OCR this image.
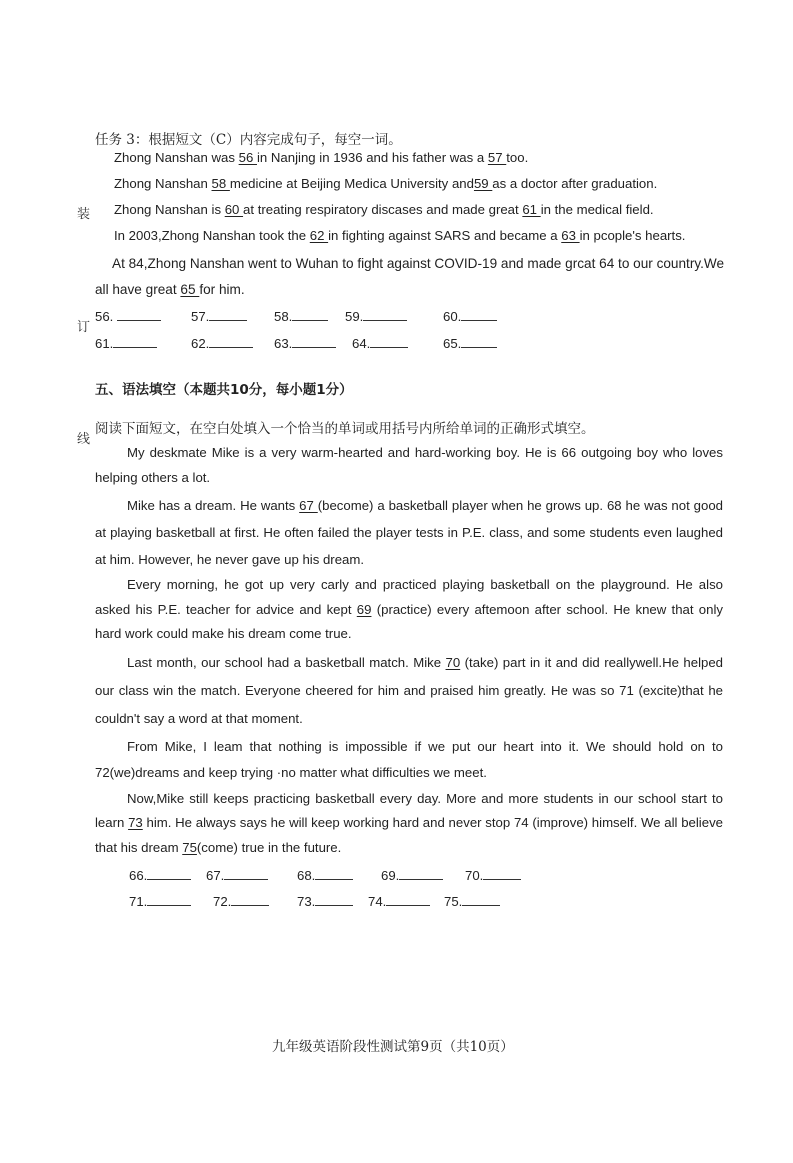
任务 3：根据短文（C）内容完成句子，每空一词。
Zhong Nanshan was 56 in Nanjing in 1936 and his father was a 57 too.
Zhong Nanshan 58 medicine at Beijing Medica University and59 as a doctor after graduation.
Zhong Nanshan is 60 at treating respiratory discases and made great 61 in the medical field.
In 2003,Zhong Nanshan took the 62 in fighting against SARS and became a 63 in pcople's hearts.
At 84,Zhong Nanshan went to Wuhan to fight against COVID-19 and made grcat 64 to our country.We
all have great 65 for him.
56.	57.	58.	59.	60.
61.	62.	63.	64.	65.
装
订
线
五、语法填空（本题共10分，每小题1分）
阅读下面短文，在空白处填入一个恰当的单词或用括号内所给单词的正确形式填空。

My deskmate Mike is a very warm-hearted and hard-working boy. He is 66 outgoing boy who loves helping others a lot.

Mike has a dream. He wants 67 (become) a basketball player when he grows up. 68 he was not good at playing basketball at first. He often failed the player tests in P.E. class, and some students even laughed at him. However, he never gave up his dream.

Every morning, he got up very carly and practiced playing basketball on the playground. He also asked his P.E. teacher for advice and kept 69 (practice) every aftemoon after school. He knew that only hard work could make his dream come true.

Last month, our school had a basketball match. Mike 70 (take) part in it and did reallywell.He helped our class win the match. Everyone cheered for him and praised him greatly. He was so 71 (excite)that he couldn't say a word at that moment.

From Mike, I leam that nothing is impossible if we put our heart into it. We should hold on to 72(we)dreams and keep trying ·no matter what difficulties we meet.

Now,Mike still keeps practicing basketball every day. More and more students in our school start to learn 73 him. He always says he will keep working hard and never stop 74 (improve) himself. We all believe that his dream 75(come) true in the future.

66.	67.	68.	69.	70.
71.	72.	73.	74.	75.
九年级英语阶段性测试第9页（共10页）
